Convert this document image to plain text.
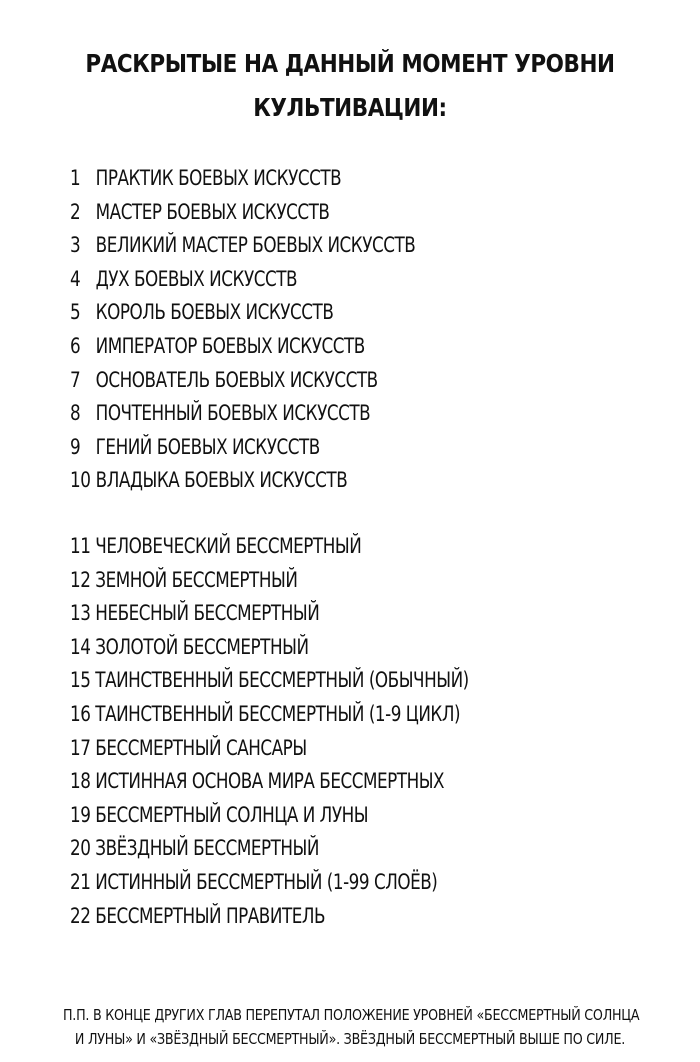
РАСКРЫТЫЕ НА ДАННЫЙ МОМЕНТ УРОВНИ
КУЛЬТИВАЦИИ:
1 ПРАКТИК БОЕВЫХ ИСКУССТВ
2 МАСТЕР БОЕВЫХ ИСКУССТВ
3 ВЕЛИКИЙ МАСТЕР БОЕВЫХ ИСКУССТВ
4 ДУХ БОЕВЫХ ИСКУССТВ
5 КОРОЛЬ БОЕВЫХ ИСКУССТВ
6 ИМПЕРАТОР БОЕВЫХ ИСКУССТВ
7 ОСНОВАТЕЛЬ БОЕВЫХ ИСКУССТВ
8 ПОЧТЕННЫЙ БОЕВЫХ ИСКУССТВ
9 ГЕНИЙ БОЕВЫХ ИСКУССТВ
10 ВЛАДЫКА БОЕВЫХ ИСКУССТВ
11 ЧЕЛОВЕЧЕСКИЙ БЕССМЕРТНЫЙ
12 ЗЕМНОЙ БЕССМЕРТНЫЙ
13 НЕБЕСНЫЙ БЕССМЕРТНЫЙ
14 ЗОЛОТОЙ БЕССМЕРТНЫЙ
15 ТАИНСТВЕННЫЙ БЕССМЕРТНЫЙ (ОБЫЧНЫЙ)
16 ТАИНСТВЕННЫЙ БЕССМЕРТНЫЙ (1-9 ЦИКЛ)
17 БЕССМЕРТНЫЙ САНСАРЫ
18 ИСТИННАЯ ОСНОВА МИРА БЕССМЕРТНЫХ
19 БЕССМЕРТНЫЙ СОЛНЦА И ЛУНЫ
20 ЗВЁЗДНЫЙ БЕССМЕРТНЫЙ
21 ИСТИННЫЙ БЕССМЕРТНЫЙ (1-99 СЛОЁВ)
22 БЕССМЕРТНЫЙ ПРАВИТЕЛЬ
П.П. В КОНЦЕ ДРУГИХ ГЛАВ ПЕРЕПУТАЛ ПОЛОЖЕНИЕ УРОВНЕЙ «БЕССМЕРТНЫЙ СОЛНЦА
И ЛУНЫ» И «ЗВЁЗДНЫЙ БЕССМЕРТНЫЙ». ЗВЁЗДНЫЙ БЕССМЕРТНЫЙ ВЫШЕ ПО СИЛЕ.
